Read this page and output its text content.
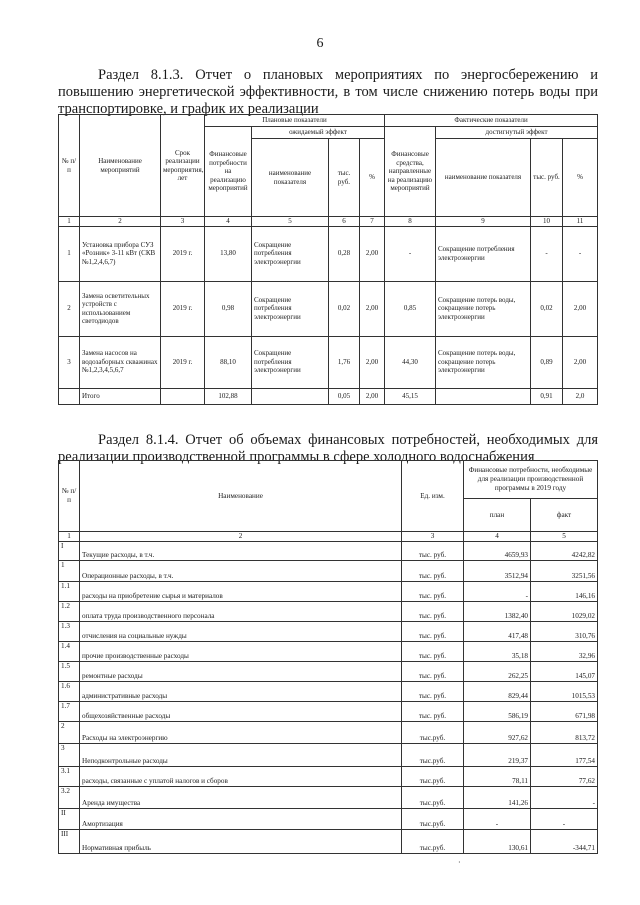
6
Раздел 8.1.3. Отчет о плановых мероприятиях по энергосбережению и повышению энергетической эффективности, в том числе снижению потерь воды при транспортировке, и график их реализации
№ п/п	Наименование мероприятий	Срок реализации мероприятия, лет	Плановые показатели				Фактические показатели			
			Финансовые потребности на реализацию мероприятий	ожидаемый эффект			Финансовые средства, направленные на реализацию мероприятий	достигнутый эффект		
				наименование показателя	тыс. руб.	%		наименование показателя	тыс. руб.	%
1	2	3	4	5	6	7	8	9	10	11
1	Установка прибора СУЗ «Розник» 3-11 кВт (СКВ №1,2,4,6,7)	2019 г.	13,80	Сокращение потребления электроэнергии	0,28	2,00	-	Сокращение потребления электроэнергии	-	-
2	Замена осветительных устройств с использованием светодиодов	2019 г.	0,98	Сокращение потребления электроэнергии	0,02	2,00	0,85	Сокращение потерь воды, сокращение потерь электроэнергии	0,02	2,00
3	Замена насосов на водозаборных скважинах №1,2,3,4,5,6,7	2019 г.	88,10	Сокращение потребления электроэнергии	1,76	2,00	44,30	Сокращение потерь воды, сокращение потерь электроэнергии	0,89	2,00
	Итого		102,88		0,05	2,00	45,15		0,91	2,0
Раздел 8.1.4. Отчет об объемах финансовых потребностей, необходимых для реализации производственной программы в сфере холодного водоснабжения
№ п/п	Наименование	Ед. изм.	Финансовые потребности, необходимые для реализации производственной программы в 2019 году	
			план	факт
1	2	3	4	5
I	Текущие расходы, в т.ч.	тыс. руб.	4659,93	4242,82
1	Операционные расходы, в т.ч.	тыс. руб.	3512,94	3251,56
1.1	расходы на приобретение сырья и материалов	тыс. руб.	-	146,16
1.2	оплата труда производственного персонала	тыс. руб.	1382,40	1029,02
1.3	отчисления на социальные нужды	тыс. руб.	417,48	310,76
1.4	прочие производственные расходы	тыс. руб.	35,18	32,96
1.5	ремонтные расходы	тыс. руб.	262,25	145,07
1.6	административные расходы	тыс. руб.	829,44	1015,53
1.7	общехозяйственные расходы	тыс. руб.	586,19	671,98
2	Расходы на электроэнергию	тыс.руб.	927,62	813,72
3	Неподконтрольные расходы	тыс.руб.	219,37	177,54
3.1	расходы, связанные с уплатой налогов и сборов	тыс.руб.	78,11	77,62
3.2	Аренда имущества	тыс.руб.	141,26	-
II	Амортизация	тыс.руб.	-	-
III	Нормативная прибыль	тыс.руб.	130,61	-344,71
·
